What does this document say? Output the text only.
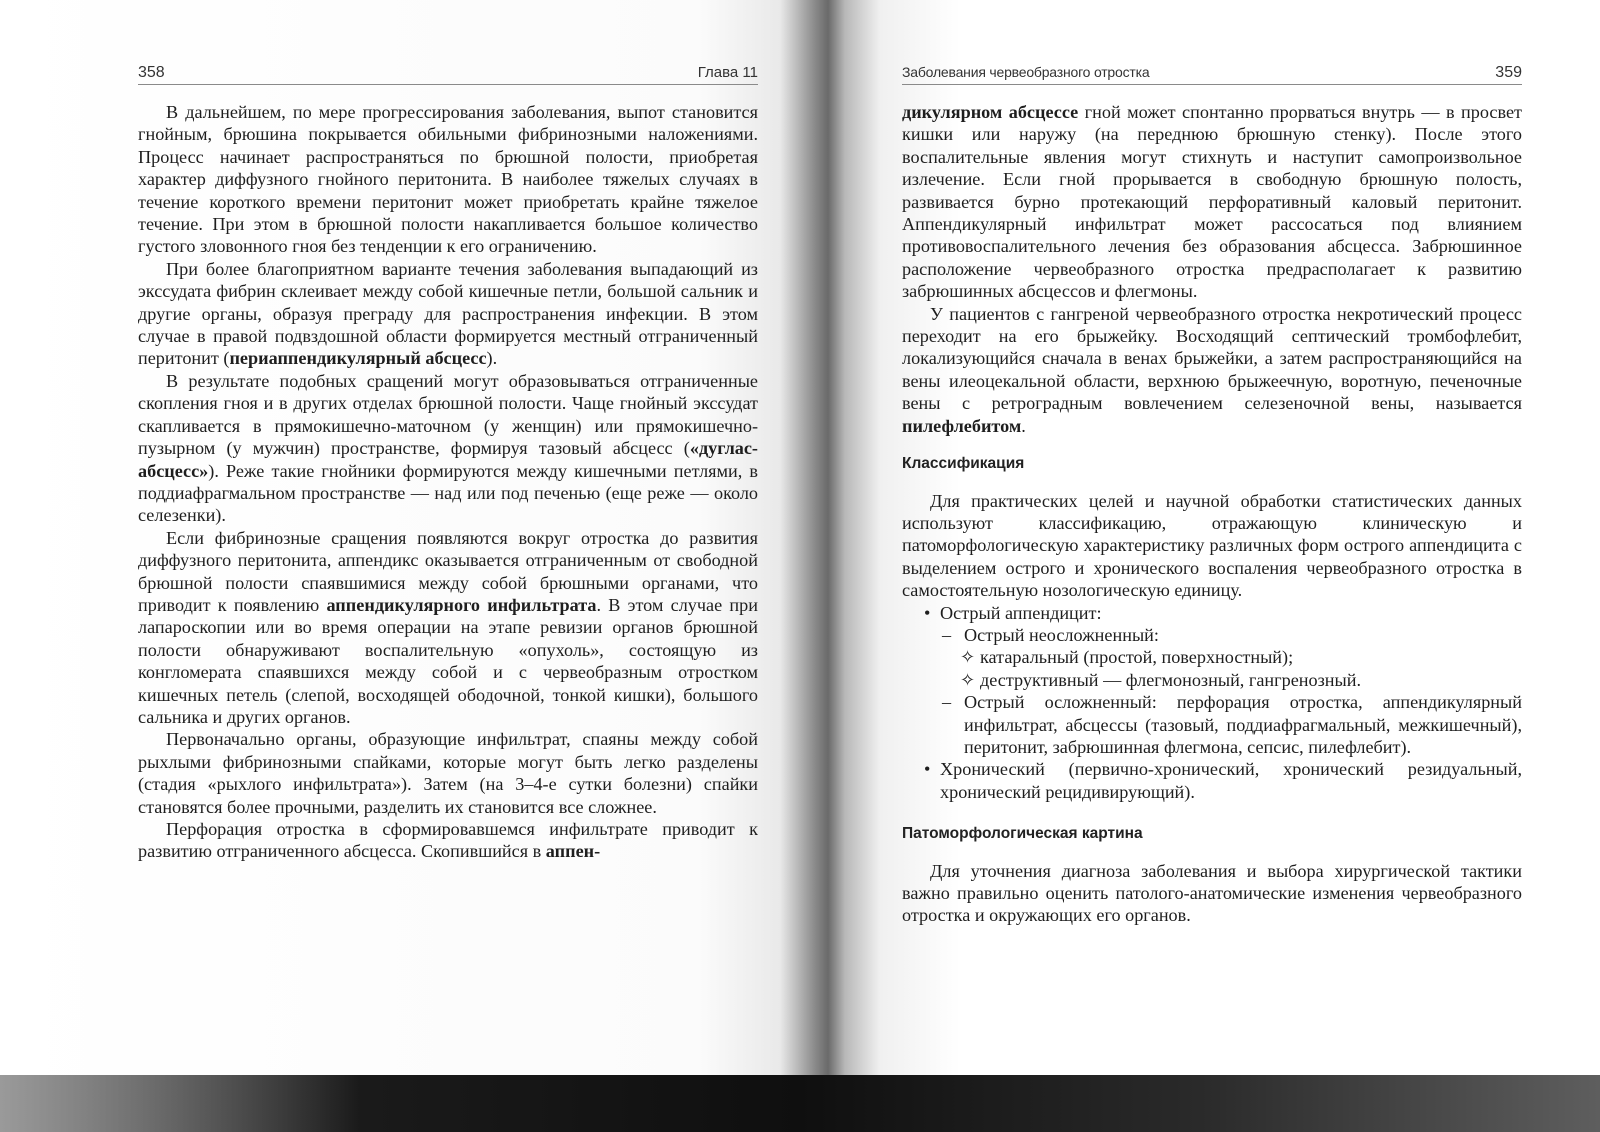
358	Глава 11

В дальнейшем, по мере прогрессирования заболевания, выпот становится гнойным, брюшина покрывается обильными фибринозными наложениями. Процесс начинает распространяться по брюшной полости, приобретая характер диффузного гнойного перитонита. В наиболее тяжелых случаях в течение короткого времени перитонит может приобретать крайне тяжелое течение. При этом в брюшной полости накапливается большое количество густого зловонного гноя без тенденции к его ограничению.

При более благоприятном варианте течения заболевания выпадающий из экссудата фибрин склеивает между собой кишечные петли, большой сальник и другие органы, образуя преграду для распространения инфекции. В этом случае в правой подвздошной области формируется местный отграниченный перитонит (периаппендикулярный абсцесс).

В результате подобных сращений могут образовываться отграниченные скопления гноя и в других отделах брюшной полости. Чаще гнойный экссудат скапливается в прямокишечно-маточном (у женщин) или прямокишечно-пузырном (у мужчин) пространстве, формируя тазовый абсцесс («дуглас-абсцесс»). Реже такие гнойники формируются между кишечными петлями, в поддиафрагмальном пространстве — над или под печенью (еще реже — около селезенки).

Если фибринозные сращения появляются вокруг отростка до развития диффузного перитонита, аппендикс оказывается отграниченным от свободной брюшной полости спаявшимися между собой брюшными органами, что приводит к появлению аппендикулярного инфильтрата. В этом случае при лапароскопии или во время операции на этапе ревизии органов брюшной полости обнаруживают воспалительную «опухоль», состоящую из конгломерата спаявшихся между собой и с червеобразным отростком кишечных петель (слепой, восходящей ободочной, тонкой кишки), большого сальника и других органов.

Первоначально органы, образующие инфильтрат, спаяны между собой рыхлыми фибринозными спайками, которые могут быть легко разделены (стадия «рыхлого инфильтрата»). Затем (на 3–4-е сутки болезни) спайки становятся более прочными, разделить их становится все сложнее.

Перфорация отростка в сформировавшемся инфильтрате приводит к развитию отграниченного абсцесса. Скопившийся в аппен-

Заболевания червеобразного отростка	359

дикулярном абсцессе гной может спонтанно прорваться внутрь — в просвет кишки или наружу (на переднюю брюшную стенку). После этого воспалительные явления могут стихнуть и наступит самопроизвольное излечение. Если гной прорывается в свободную брюшную полость, развивается бурно протекающий перфоративный каловый перитонит. Аппендикулярный инфильтрат может рассосаться под влиянием противовоспалительного лечения без образования абсцесса. Забрюшинное расположение червеобразного отростка предрасполагает к развитию забрюшинных абсцессов и флегмоны.

У пациентов с гангреной червеобразного отростка некротический процесс переходит на его брыжейку. Восходящий септический тромбофлебит, локализующийся сначала в венах брыжейки, а затем распространяющийся на вены илеоцекальной области, верхнюю брыжеечную, воротную, печеночные вены с ретроградным вовлечением селезеночной вены, называется пилефлебитом.

Классификация

Для практических целей и научной обработки статистических данных используют классификацию, отражающую клиническую и патоморфологическую характеристику различных форм острого аппендицита с выделением острого и хронического воспаления червеобразного отростка в самостоятельную нозологическую единицу.

• Острый аппендицит:
– Острый неосложненный:
✧ катаральный (простой, поверхностный);
✧ деструктивный — флегмонозный, гангренозный.
– Острый осложненный: перфорация отростка, аппендикулярный инфильтрат, абсцессы (тазовый, поддиафрагмальный, межкишечный), перитонит, забрюшинная флегмона, сепсис, пилефлебит).
• Хронический (первично-хронический, хронический резидуальный, хронический рецидивирующий).
Патоморфологическая картина

Для уточнения диагноза заболевания и выбора хирургической тактики важно правильно оценить патолого-анатомические изменения червеобразного отростка и окружающих его органов.
